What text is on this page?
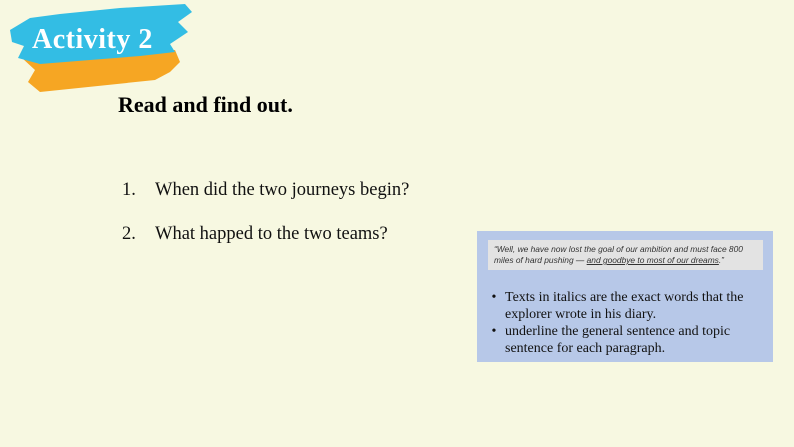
Activity 2
Read and find out.
1.	When did the two journeys begin?
2.	What happed to the two teams?
“Well, we have now lost the goal of our ambition and must face 800 miles of hard pushing — and goodbye to most of our dreams.”
• Texts in italics are the exact words that the explorer wrote in his diary.
• underline the general sentence and topic sentence for each paragraph.
